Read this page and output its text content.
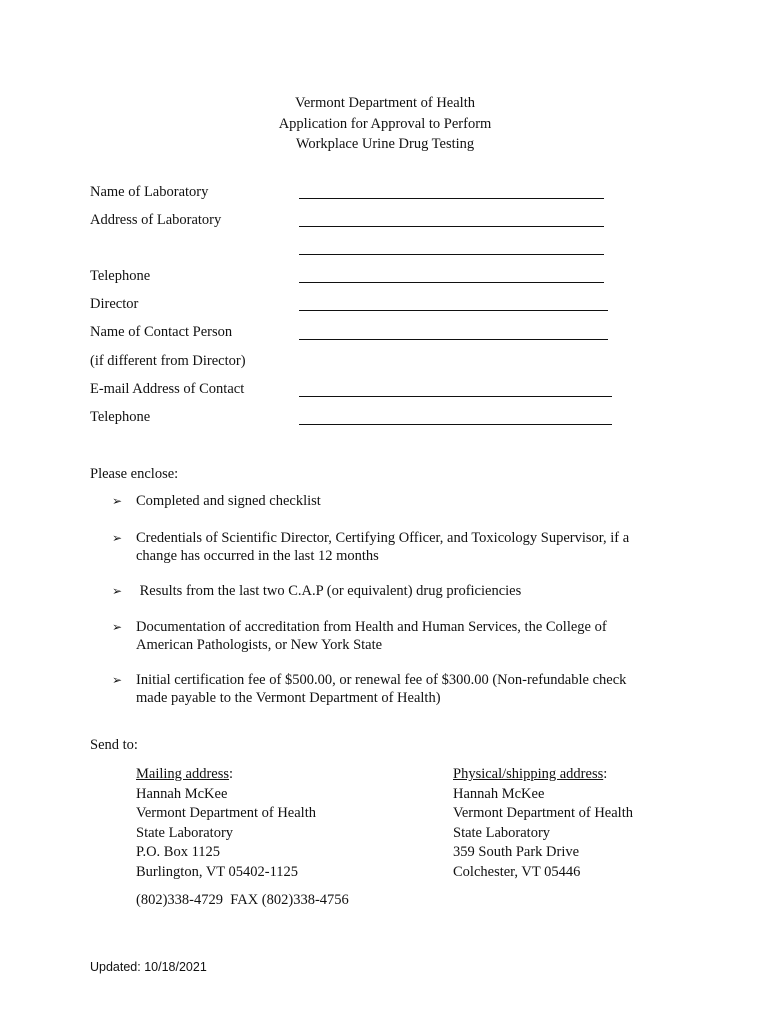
Vermont Department of Health
Application for Approval to Perform
Workplace Urine Drug Testing
Name of Laboratory
Address of Laboratory
Telephone
Director
Name of Contact Person
(if different from Director)
E-mail Address of Contact
Telephone
Please enclose:
➢ Completed and signed checklist
➢ Credentials of Scientific Director, Certifying Officer, and Toxicology Supervisor, if a
change has occurred in the last 12 months
➢ Results from the last two C.A.P (or equivalent) drug proficiencies
➢ Documentation of accreditation from Health and Human Services, the College of
American Pathologists, or New York State
➢ Initial certification fee of $500.00, or renewal fee of $300.00 (Non-refundable check
made payable to the Vermont Department of Health)
Send to:
Mailing address:
Hannah McKee
Vermont Department of Health
State Laboratory
P.O. Box 1125
Burlington, VT 05402-1125
Physical/shipping address:
Hannah McKee
Vermont Department of Health
State Laboratory
359 South Park Drive
Colchester, VT 05446
(802)338-4729  FAX (802)338-4756
Updated: 10/18/2021
